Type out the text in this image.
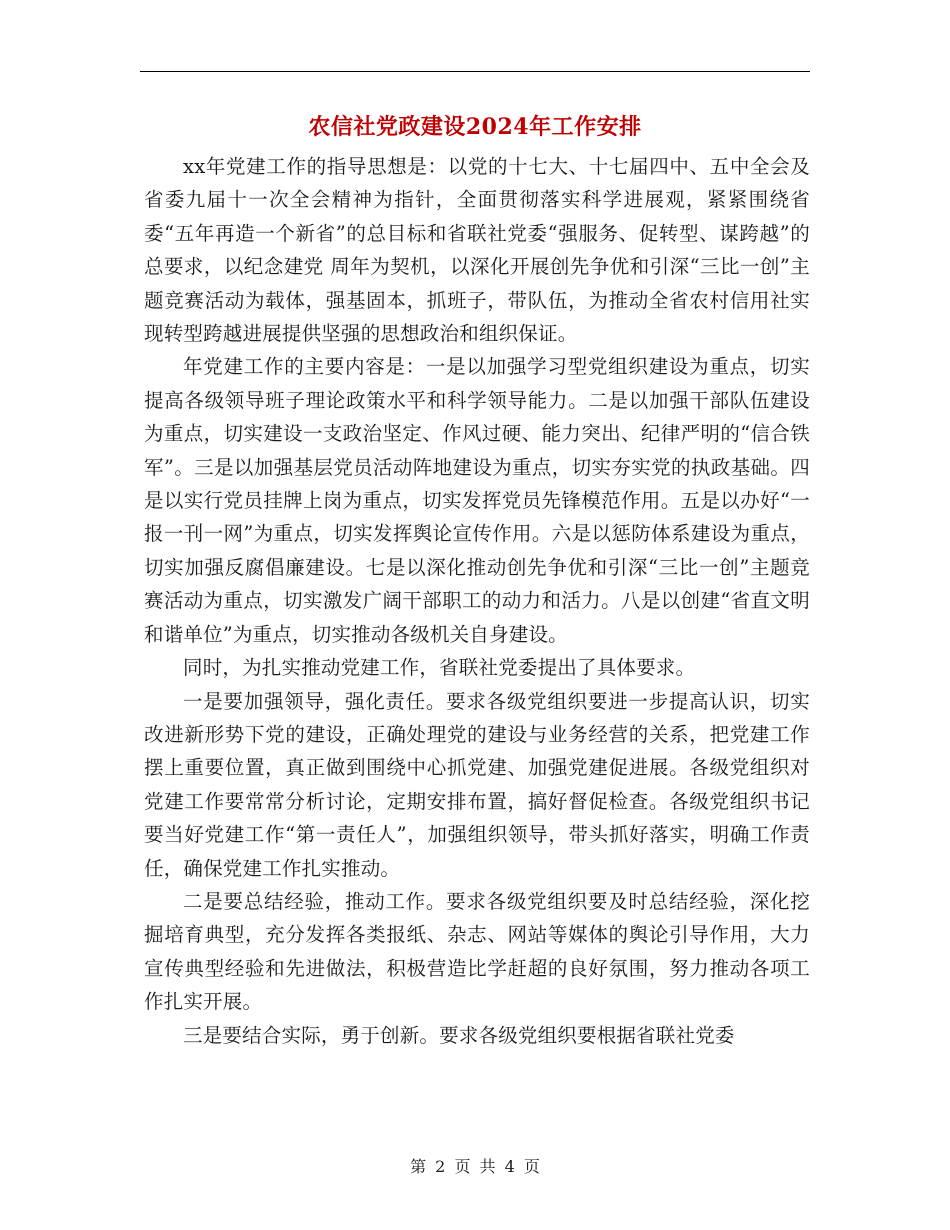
农信社党政建设2024年工作安排

xx年党建工作的指导思想是：以党的十七大、十七届四中、五中全会及省委九届十一次全会精神为指针，全面贯彻落实科学进展观，紧紧围绕省委“五年再造一个新省”的总目标和省联社党委“强服务、促转型、谋跨越”的总要求，以纪念建党 周年为契机，以深化开展创先争优和引深“三比一创”主题竞赛活动为载体，强基固本，抓班子，带队伍，为推动全省农村信用社实现转型跨越进展提供坚强的思想政治和组织保证。

年党建工作的主要内容是：一是以加强学习型党组织建设为重点，切实提高各级领导班子理论政策水平和科学领导能力。二是以加强干部队伍建设为重点，切实建设一支政治坚定、作风过硬、能力突出、纪律严明的“信合铁军”。三是以加强基层党员活动阵地建设为重点，切实夯实党的执政基础。四是以实行党员挂牌上岗为重点，切实发挥党员先锋模范作用。五是以办好“一报一刊一网”为重点，切实发挥舆论宣传作用。六是以惩防体系建设为重点，切实加强反腐倡廉建设。七是以深化推动创先争优和引深“三比一创”主题竞赛活动为重点，切实激发广阔干部职工的动力和活力。八是以创建“省直文明和谐单位”为重点，切实推动各级机关自身建设。

同时，为扎实推动党建工作，省联社党委提出了具体要求。

一是要加强领导，强化责任。要求各级党组织要进一步提高认识，切实改进新形势下党的建设，正确处理党的建设与业务经营的关系，把党建工作摆上重要位置，真正做到围绕中心抓党建、加强党建促进展。各级党组织对党建工作要常常分析讨论，定期安排布置，搞好督促检查。各级党组织书记要当好党建工作“第一责任人”，加强组织领导，带头抓好落实，明确工作责任，确保党建工作扎实推动。

二是要总结经验，推动工作。要求各级党组织要及时总结经验，深化挖掘培育典型，充分发挥各类报纸、杂志、网站等媒体的舆论引导作用，大力宣传典型经验和先进做法，积极营造比学赶超的良好氛围，努力推动各项工作扎实开展。

三是要结合实际，勇于创新。要求各级党组织要根据省联社党委

第 2 页 共 4 页
